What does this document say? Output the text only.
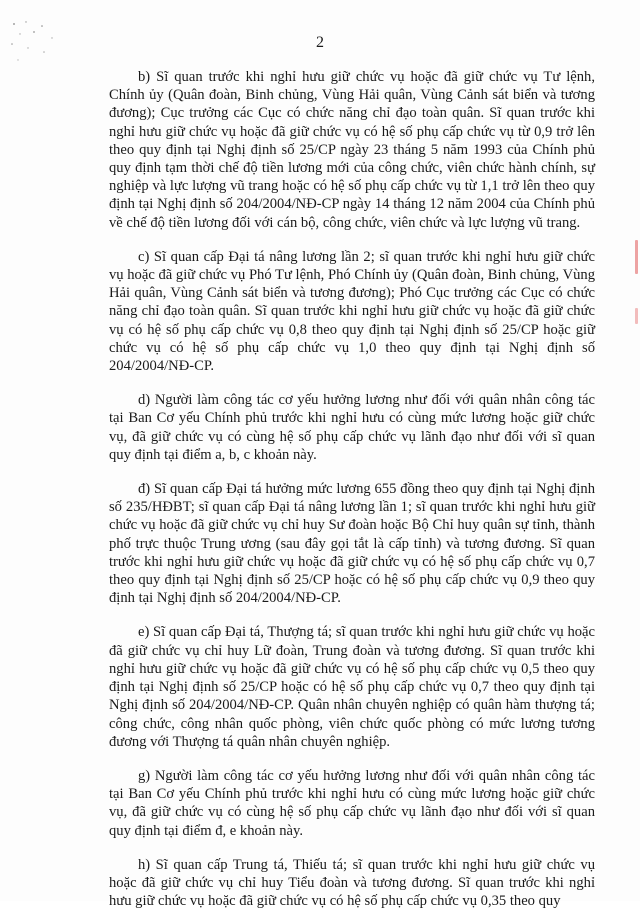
2

b) Sĩ quan trước khi nghỉ hưu giữ chức vụ hoặc đã giữ chức vụ Tư lệnh, Chính ủy (Quân đoàn, Binh chủng, Vùng Hải quân, Vùng Cảnh sát biển và tương đương); Cục trưởng các Cục có chức năng chỉ đạo toàn quân. Sĩ quan trước khi nghỉ hưu giữ chức vụ hoặc đã giữ chức vụ có hệ số phụ cấp chức vụ từ 0,9 trở lên theo quy định tại Nghị định số 25/CP ngày 23 tháng 5 năm 1993 của Chính phủ quy định tạm thời chế độ tiền lương mới của công chức, viên chức hành chính, sự nghiệp và lực lượng vũ trang hoặc có hệ số phụ cấp chức vụ từ 1,1 trở lên theo quy định tại Nghị định số 204/2004/NĐ-CP ngày 14 tháng 12 năm 2004 của Chính phủ về chế độ tiền lương đối với cán bộ, công chức, viên chức và lực lượng vũ trang.

c) Sĩ quan cấp Đại tá nâng lương lần 2; sĩ quan trước khi nghỉ hưu giữ chức vụ hoặc đã giữ chức vụ Phó Tư lệnh, Phó Chính ủy (Quân đoàn, Binh chủng, Vùng Hải quân, Vùng Cảnh sát biển và tương đương); Phó Cục trưởng các Cục có chức năng chỉ đạo toàn quân. Sĩ quan trước khi nghỉ hưu giữ chức vụ hoặc đã giữ chức vụ có hệ số phụ cấp chức vụ 0,8 theo quy định tại Nghị định số 25/CP hoặc giữ chức vụ có hệ số phụ cấp chức vụ 1,0 theo quy định tại Nghị định số 204/2004/NĐ-CP.

d) Người làm công tác cơ yếu hưởng lương như đối với quân nhân công tác tại Ban Cơ yếu Chính phủ trước khi nghỉ hưu có cùng mức lương hoặc giữ chức vụ, đã giữ chức vụ có cùng hệ số phụ cấp chức vụ lãnh đạo như đối với sĩ quan quy định tại điểm a, b, c khoản này.

đ) Sĩ quan cấp Đại tá hưởng mức lương 655 đồng theo quy định tại Nghị định số 235/HĐBT; sĩ quan cấp Đại tá nâng lương lần 1; sĩ quan trước khi nghỉ hưu giữ chức vụ hoặc đã giữ chức vụ chỉ huy Sư đoàn hoặc Bộ Chỉ huy quân sự tỉnh, thành phố trực thuộc Trung ương (sau đây gọi tắt là cấp tỉnh) và tương đương. Sĩ quan trước khi nghỉ hưu giữ chức vụ hoặc đã giữ chức vụ có hệ số phụ cấp chức vụ 0,7 theo quy định tại Nghị định số 25/CP hoặc có hệ số phụ cấp chức vụ 0,9 theo quy định tại Nghị định số 204/2004/NĐ-CP.

e) Sĩ quan cấp Đại tá, Thượng tá; sĩ quan trước khi nghỉ hưu giữ chức vụ hoặc đã giữ chức vụ chỉ huy Lữ đoàn, Trung đoàn và tương đương. Sĩ quan trước khi nghỉ hưu giữ chức vụ hoặc đã giữ chức vụ có hệ số phụ cấp chức vụ 0,5 theo quy định tại Nghị định số 25/CP hoặc có hệ số phụ cấp chức vụ 0,7 theo quy định tại Nghị định số 204/2004/NĐ-CP. Quân nhân chuyên nghiệp có quân hàm thượng tá; công chức, công nhân quốc phòng, viên chức quốc phòng có mức lương tương đương với Thượng tá quân nhân chuyên nghiệp.

g) Người làm công tác cơ yếu hưởng lương như đối với quân nhân công tác tại Ban Cơ yếu Chính phủ trước khi nghỉ hưu có cùng mức lương hoặc giữ chức vụ, đã giữ chức vụ có cùng hệ số phụ cấp chức vụ lãnh đạo như đối với sĩ quan quy định tại điểm đ, e khoản này.

h) Sĩ quan cấp Trung tá, Thiếu tá; sĩ quan trước khi nghỉ hưu giữ chức vụ hoặc đã giữ chức vụ chỉ huy Tiểu đoàn và tương đương. Sĩ quan trước khi nghỉ hưu giữ chức vụ hoặc đã giữ chức vụ có hệ số phụ cấp chức vụ 0,35 theo quy
